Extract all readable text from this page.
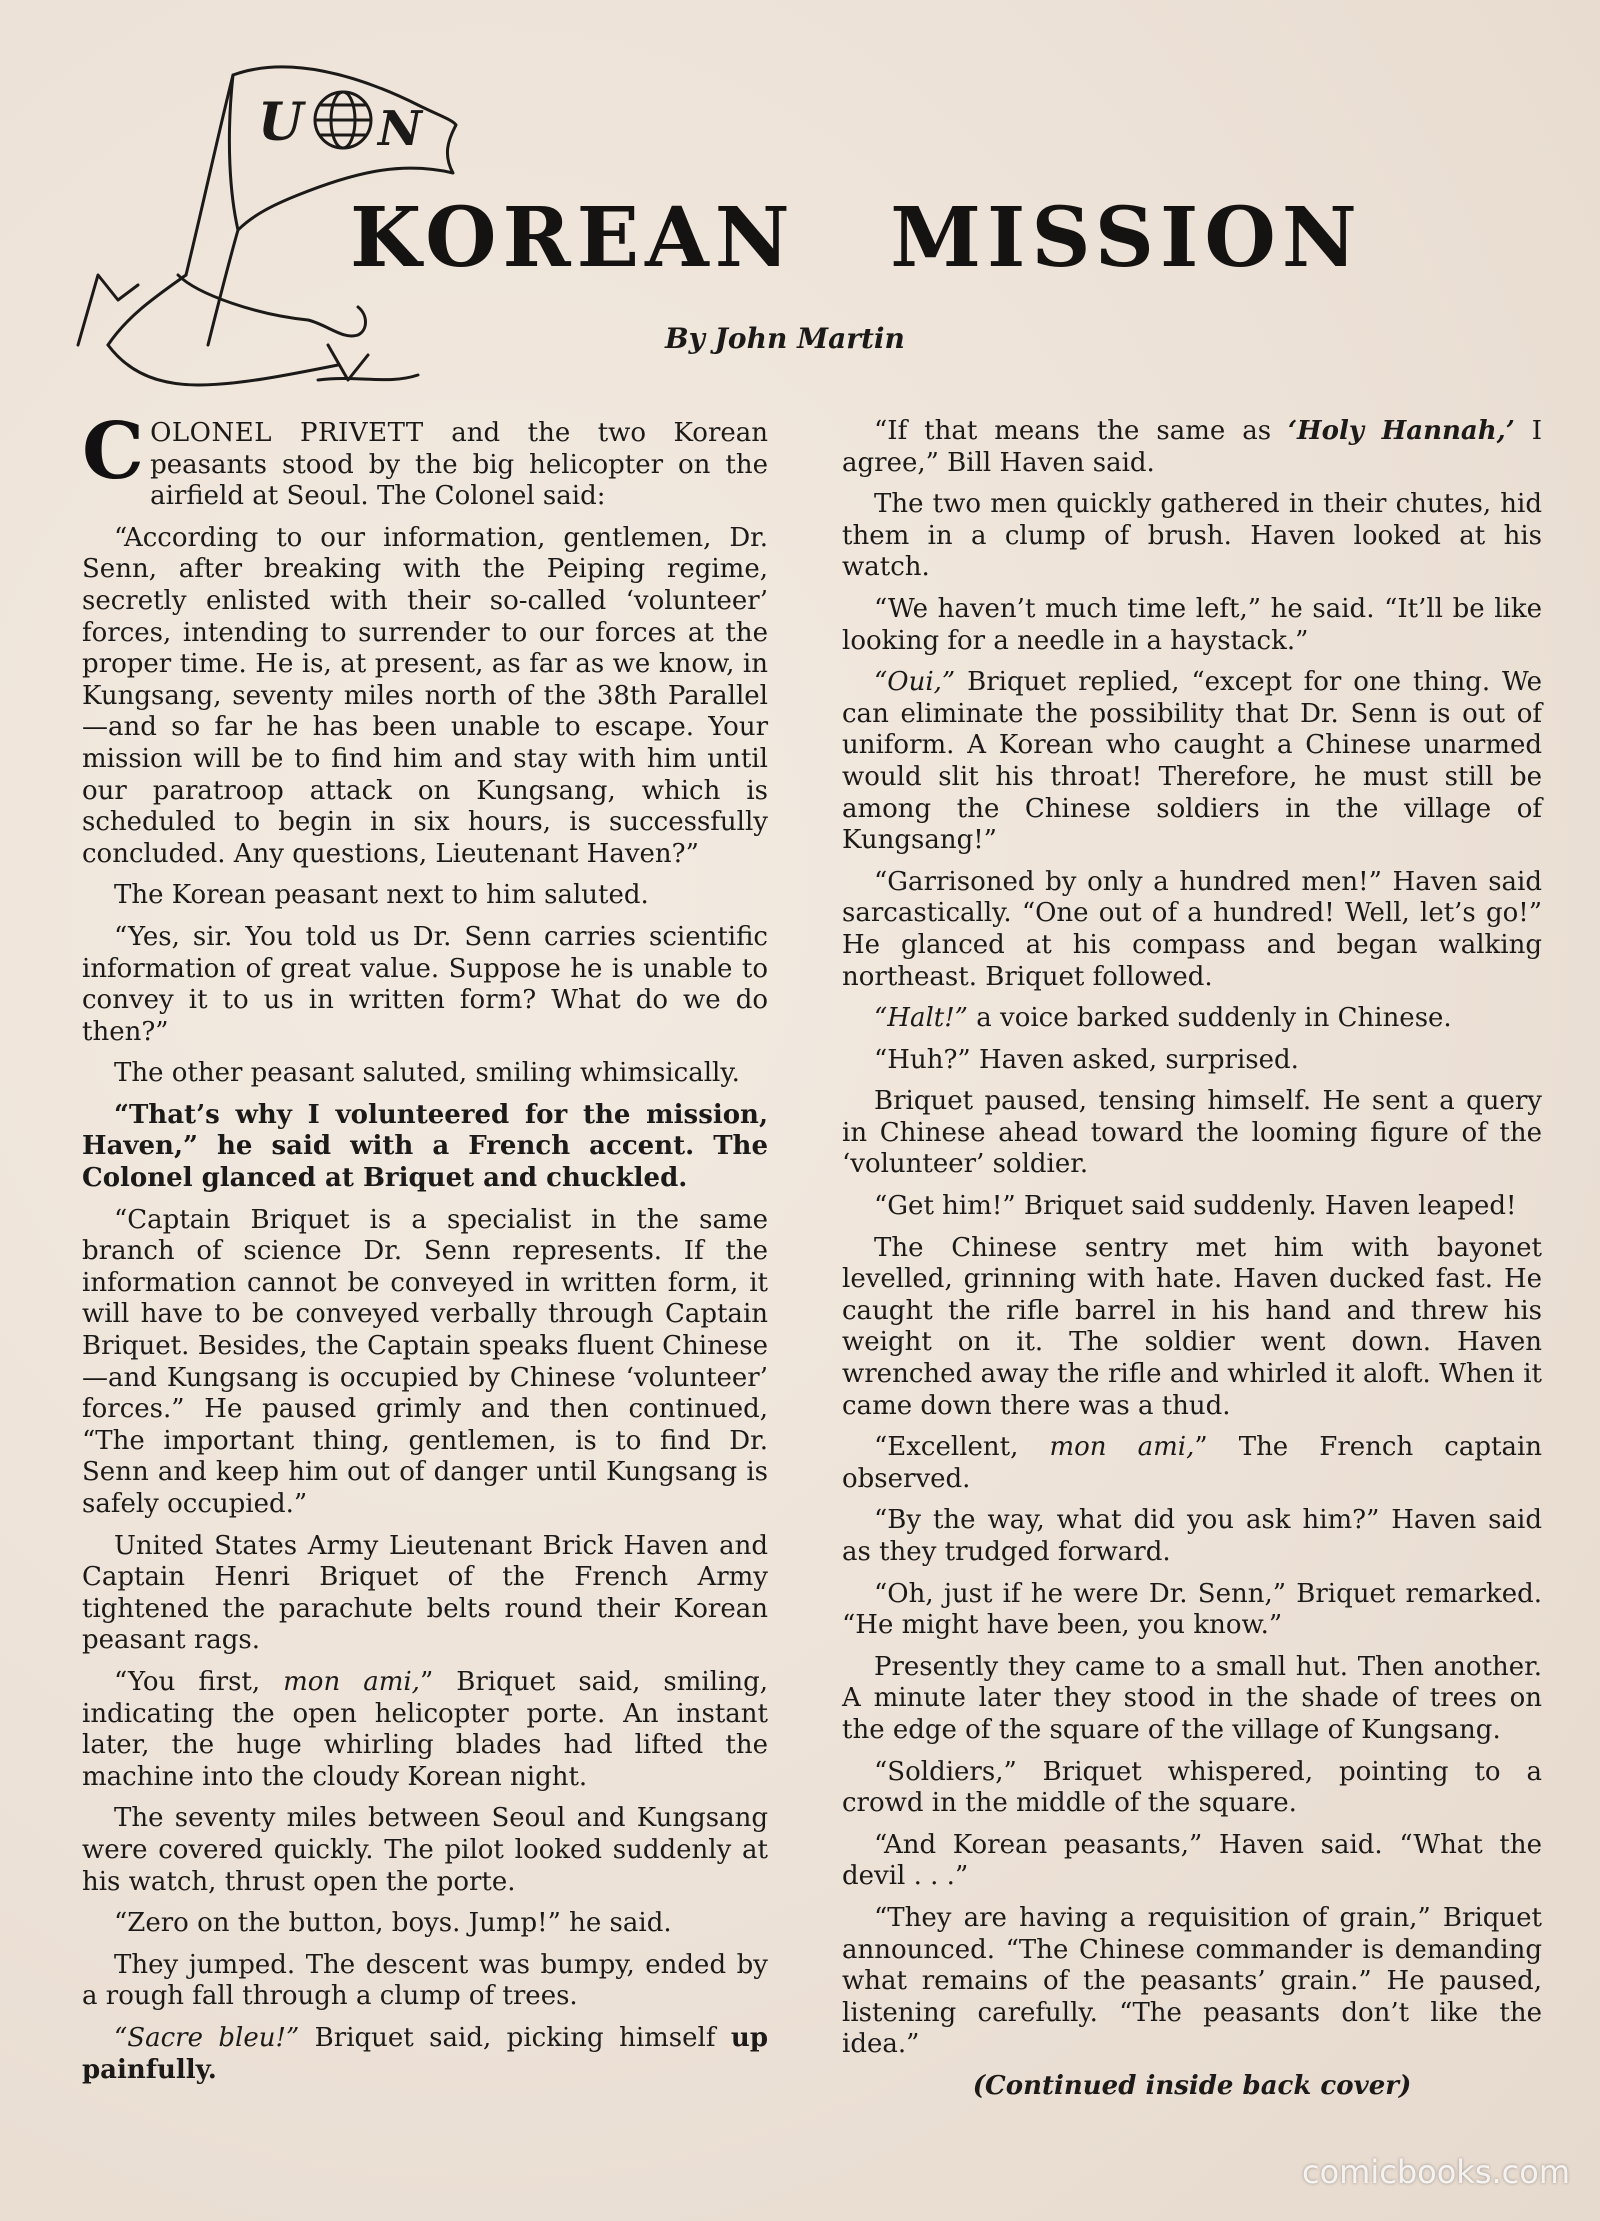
U N
KOREAN MISSION
By John Martin

COLONEL PRIVETT and the two Korean peasants stood by the big helicopter on the airfield at Seoul. The Colonel said:

“According to our information, gentlemen, Dr. Senn, after breaking with the Peiping regime, secretly enlisted with their so-called ‘volunteer’ forces, intending to surrender to our forces at the proper time. He is, at present, as far as we know, in Kungsang, seventy miles north of the 38th Parallel—and so far he has been unable to escape. Your mission will be to find him and stay with him until our paratroop attack on Kungsang, which is scheduled to begin in six hours, is successfully concluded. Any questions, Lieutenant Haven?”

The Korean peasant next to him saluted.

“Yes, sir. You told us Dr. Senn carries scientific information of great value. Suppose he is unable to convey it to us in written form? What do we do then?”

The other peasant saluted, smiling whimsically.

“That’s why I volunteered for the mission, Haven,” he said with a French accent. The Colonel glanced at Briquet and chuckled.

“Captain Briquet is a specialist in the same branch of science Dr. Senn represents. If the information cannot be conveyed in written form, it will have to be conveyed verbally through Captain Briquet. Besides, the Captain speaks fluent Chinese—and Kungsang is occupied by Chinese ‘volunteer’ forces.” He paused grimly and then continued, “The important thing, gentlemen, is to find Dr. Senn and keep him out of danger until Kungsang is safely occupied.”

United States Army Lieutenant Brick Haven and Captain Henri Briquet of the French Army tightened the parachute belts round their Korean peasant rags.

“You first, mon ami,” Briquet said, smiling, indicating the open helicopter porte. An instant later, the huge whirling blades had lifted the machine into the cloudy Korean night.

The seventy miles between Seoul and Kungsang were covered quickly. The pilot looked suddenly at his watch, thrust open the porte.

“Zero on the button, boys. Jump!” he said.

They jumped. The descent was bumpy, ended by a rough fall through a clump of trees.

“Sacre bleu!” Briquet said, picking himself up painfully.

“If that means the same as ‘Holy Hannah,’ I agree,” Bill Haven said.

The two men quickly gathered in their chutes, hid them in a clump of brush. Haven looked at his watch.

“We haven’t much time left,” he said. “It’ll be like looking for a needle in a haystack.”

“Oui,” Briquet replied, “except for one thing. We can eliminate the possibility that Dr. Senn is out of uniform. A Korean who caught a Chinese unarmed would slit his throat! Therefore, he must still be among the Chinese soldiers in the village of Kungsang!”

“Garrisoned by only a hundred men!” Haven said sarcastically. “One out of a hundred! Well, let’s go!” He glanced at his compass and began walking northeast. Briquet followed.

“Halt!” a voice barked suddenly in Chinese.

“Huh?” Haven asked, surprised.

Briquet paused, tensing himself. He sent a query in Chinese ahead toward the looming figure of the ‘volunteer’ soldier.

“Get him!” Briquet said suddenly. Haven leaped!

The Chinese sentry met him with bayonet levelled, grinning with hate. Haven ducked fast. He caught the rifle barrel in his hand and threw his weight on it. The soldier went down. Haven wrenched away the rifle and whirled it aloft. When it came down there was a thud.

“Excellent, mon ami,” The French captain observed.

“By the way, what did you ask him?” Haven said as they trudged forward.

“Oh, just if he were Dr. Senn,” Briquet remarked. “He might have been, you know.”

Presently they came to a small hut. Then another. A minute later they stood in the shade of trees on the edge of the square of the village of Kungsang.

“Soldiers,” Briquet whispered, pointing to a crowd in the middle of the square.

“And Korean peasants,” Haven said. “What the devil . . .”

“They are having a requisition of grain,” Briquet announced. “The Chinese commander is demanding what remains of the peasants’ grain.” He paused, listening carefully. “The peasants don’t like the idea.”

(Continued inside back cover)

comicbooks.com
